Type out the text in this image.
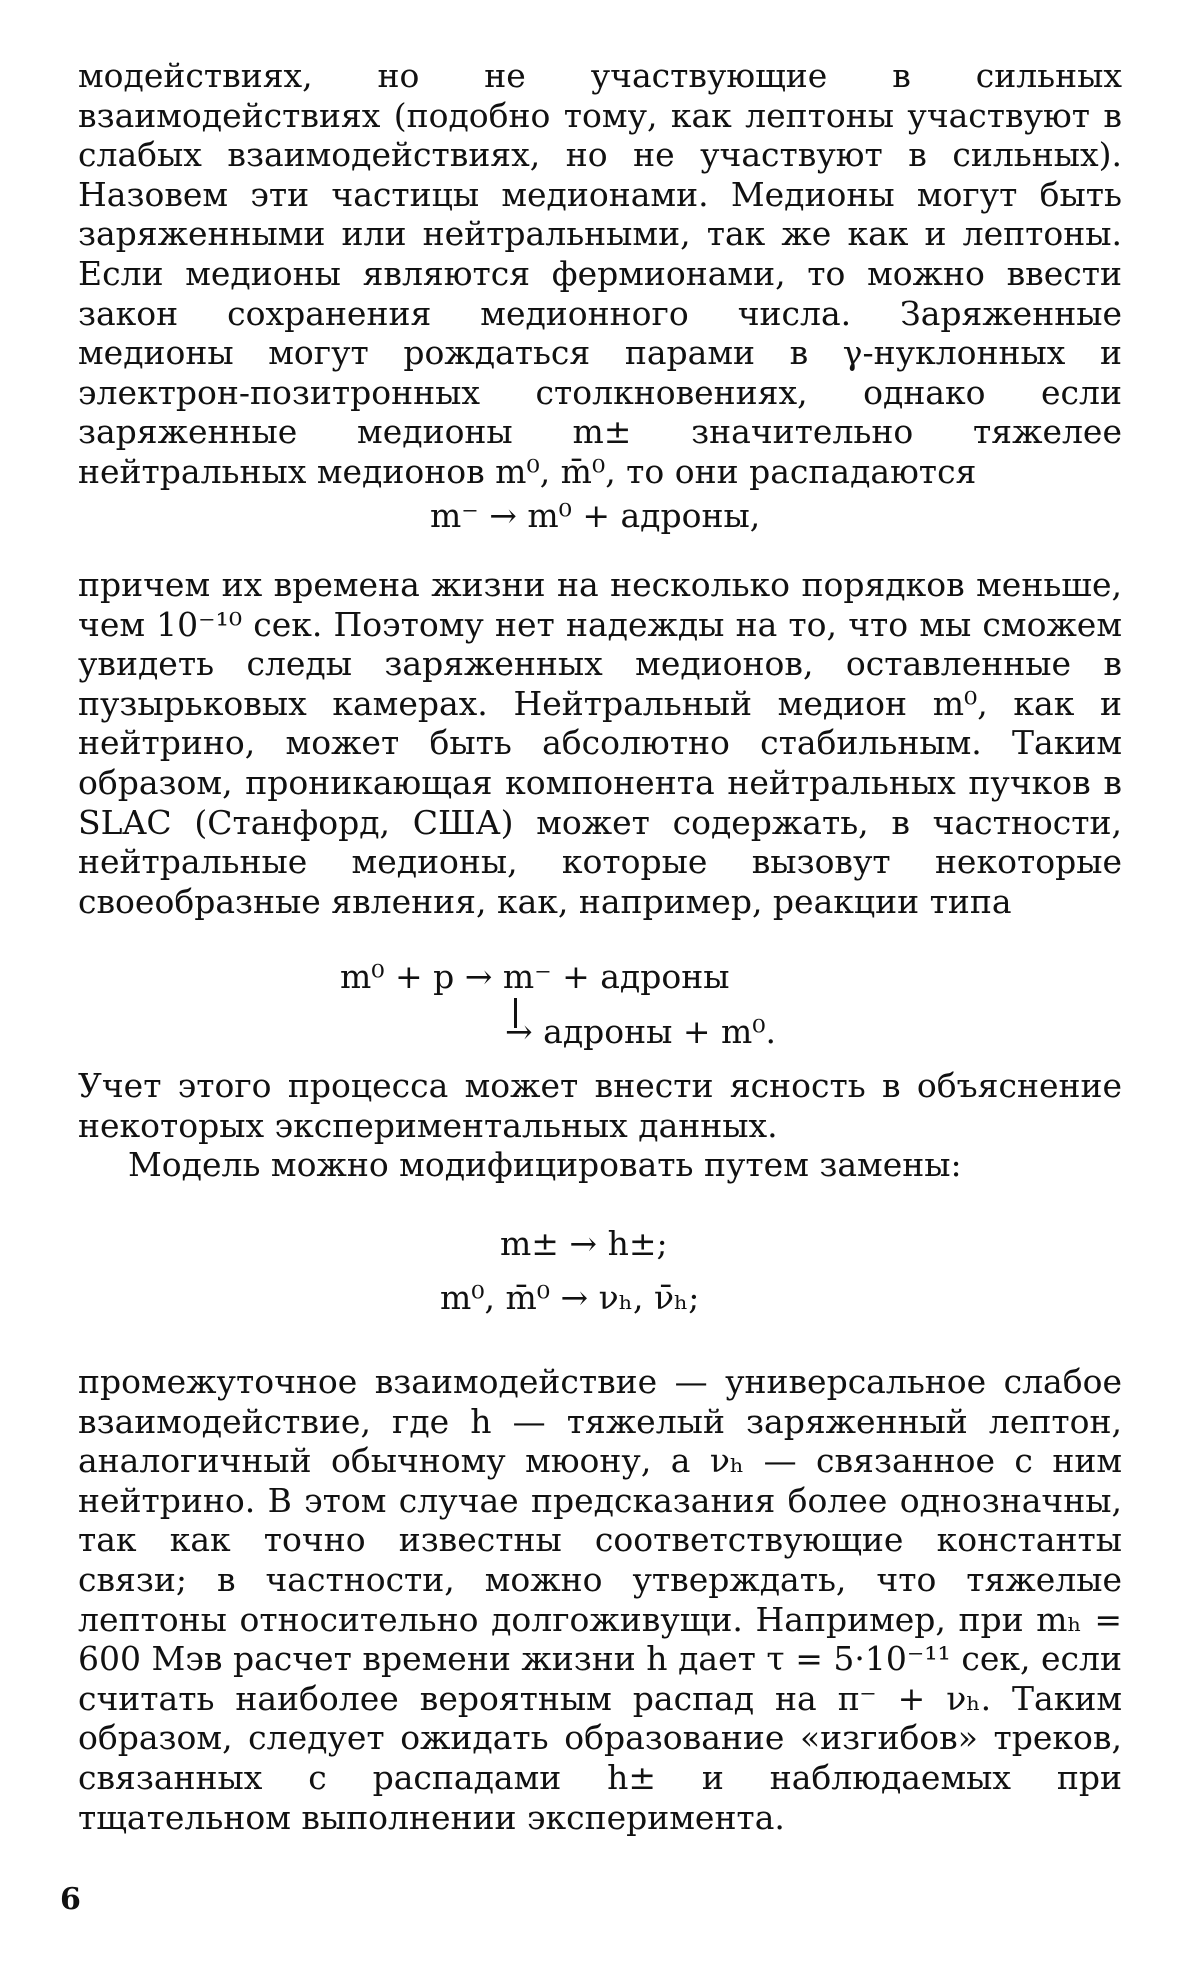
модействиях, но не участвующие в сильных взаимодействиях (подобно тому, как лептоны участвуют в слабых взаимодействиях, но не участвуют в сильных). Назовем эти частицы медионами. Медионы могут быть заряженными или нейтральными, так же как и лептоны. Если медионы являются фермионами, то можно ввести закон сохранения медионного числа. Заряженные медионы могут рождаться парами в γ-нуклонных и электрон-позитронных столкновениях, однако если заряженные медионы m± значительно тяжелее нейтральных медионов m⁰, m̄⁰, то они распадаются

m⁻ → m⁰ + адроны,

причем их времена жизни на несколько порядков меньше, чем 10⁻¹⁰ сек. Поэтому нет надежды на то, что мы сможем увидеть следы заряженных медионов, оставленные в пузырьковых камерах. Нейтральный медион m⁰, как и нейтрино, может быть абсолютно стабильным. Таким образом, проникающая компонента нейтральных пучков в SLAC (Станфорд, США) может содержать, в частности, нейтральные медионы, которые вызовут некоторые своеобразные явления, как, например, реакции типа

m⁰ + p → m⁻ + адроны
→ адроны + m⁰.

Учет этого процесса может внести ясность в объяснение некоторых экспериментальных данных.

Модель можно модифицировать путем замены:

m± → h±;
m⁰, m̄⁰ → νₕ, ν̄ₕ;

промежуточное взаимодействие — универсальное слабое взаимодействие, где h — тяжелый заряженный лептон, аналогичный обычному мюону, а νₕ — связанное с ним нейтрино. В этом случае предсказания более однозначны, так как точно известны соответствующие константы связи; в частности, можно утверждать, что тяжелые лептоны относительно долгоживущи. Например, при mₕ = 600 Мэв расчет времени жизни h дает τ = 5·10⁻¹¹ сек, если считать наиболее вероятным распад на π⁻ + νₕ. Таким образом, следует ожидать образование «изгибов» треков, связанных с распадами h± и наблюдаемых при тщательном выполнении эксперимента.

6
